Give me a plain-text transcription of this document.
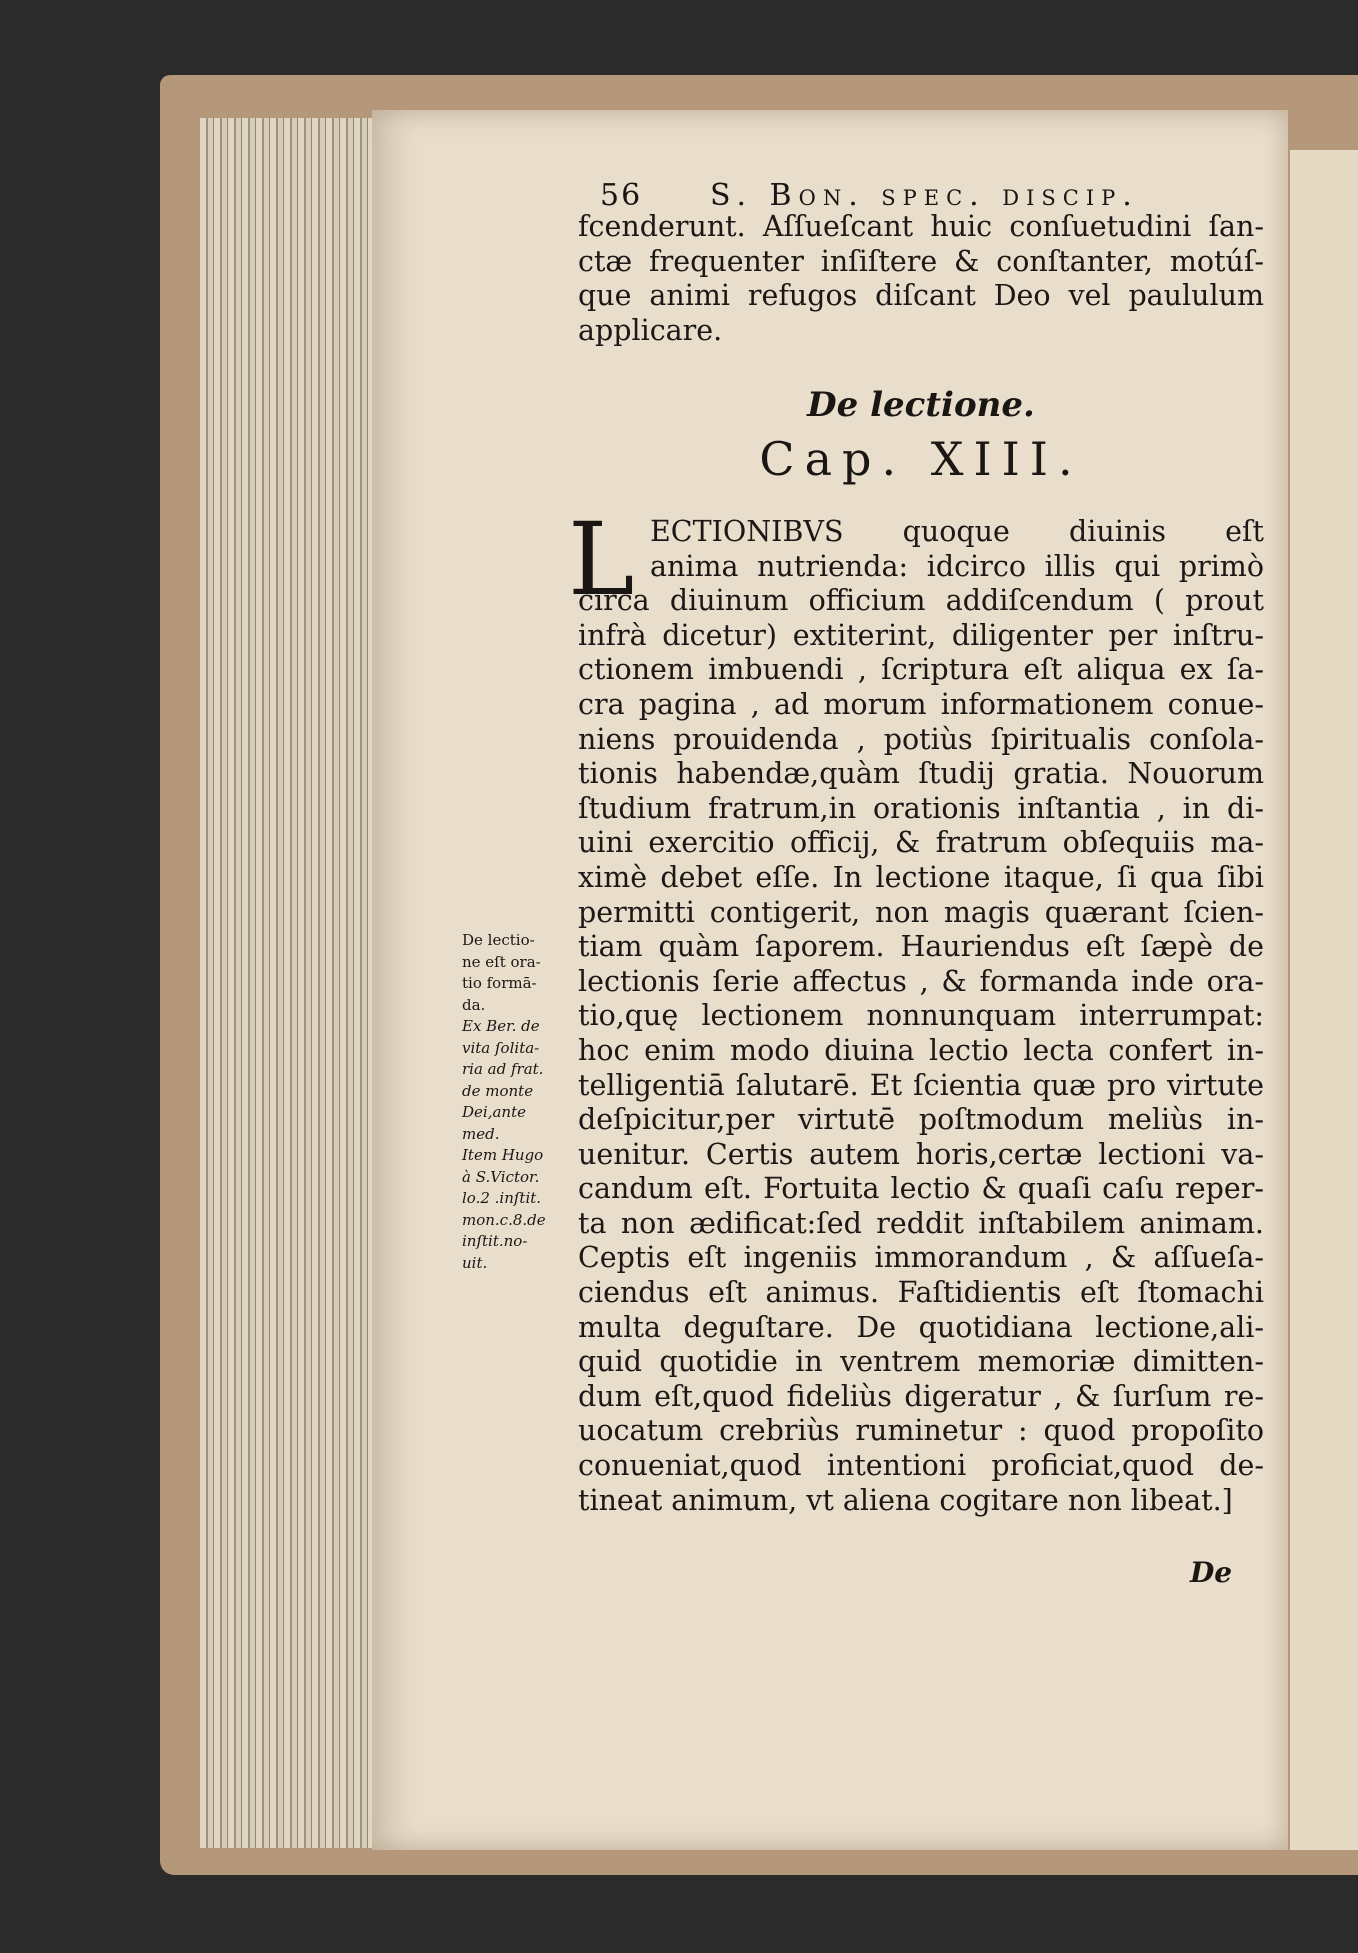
56 S. Bon. spec. discip.
fcenderunt. Aſſueſcant huic conſuetudini ſan-
ctæ frequenter inſiſtere & conſtanter, motúſ-
que animi refugos diſcant Deo vel paululum
applicare.
De lectione.
Cap. XIII.
L ECTIONIBVS quoque diuinis eſt
anima nutrienda: idcirco illis qui primò
circa diuinum officium addiſcendum ( prout
infrà dicetur) extiterint, diligenter per inſtru-
ctionem imbuendi , ſcriptura eſt aliqua ex ſa-
cra pagina , ad morum informationem conue-
niens prouidenda , potiùs ſpiritualis conſola-
tionis habendæ,quàm ſtudij gratia. Nouorum
ſtudium fratrum,in orationis inſtantia , in di-
uini exercitio officij, & fratrum obſequiis ma-
ximè debet eſſe. In lectione itaque, ſi qua ſibi
permitti contigerit, non magis quærant ſcien-
tiam quàm ſaporem. Hauriendus eſt ſæpè de
lectionis ſerie affectus , & formanda inde ora-
tio,quę lectionem nonnunquam interrumpat:
hoc enim modo diuina lectio lecta confert in-
telligentiā ſalutarē. Et ſcientia quæ pro virtute
deſpicitur,per virtutē poſtmodum meliùs in-
uenitur. Certis autem horis,certæ lectioni va-
candum eſt. Fortuita lectio & quaſi caſu reper-
ta non ædificat:ſed reddit inſtabilem animam.
Ceptis eſt ingeniis immorandum , & aſſueſa-
ciendus eſt animus. Faſtidientis eſt ſtomachi
multa deguſtare. De quotidiana lectione,ali-
quid quotidie in ventrem memoriæ dimitten-
dum eſt,quod fideliùs digeratur , & ſurſum re-
uocatum crebriùs ruminetur : quod propoſito
conueniat,quod intentioni proficiat,quod de-
tineat animum, vt aliena cogitare non libeat.]
De lectio-
ne eſt ora-
tio formā-
da.
Ex Ber. de
vita ſolita-
ria ad frat.
de monte
Dei,ante
med.
Item Hugo
à S.Victor.
lo.2 .inſtit.
mon.c.8.de
inſtit.no-
uit.
De
